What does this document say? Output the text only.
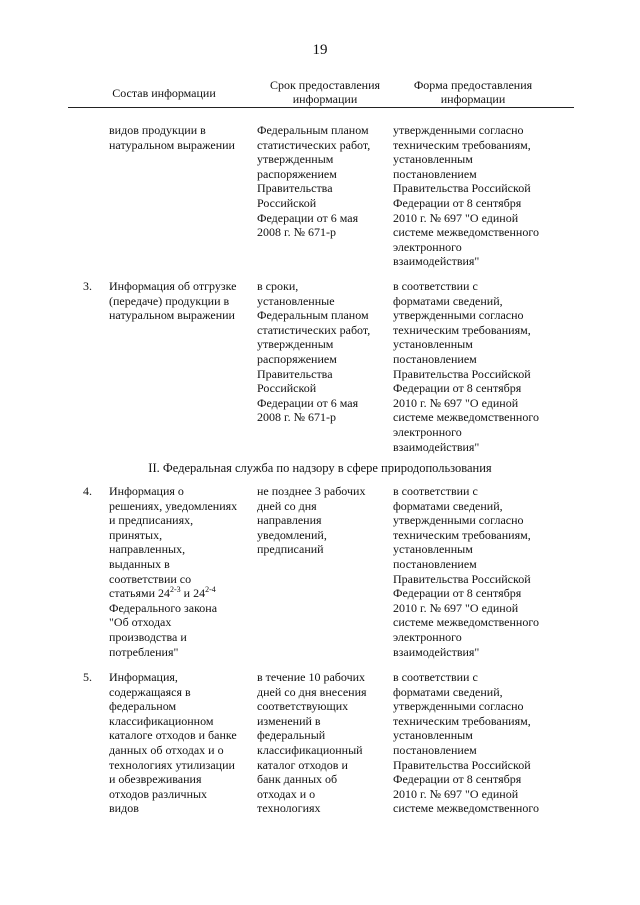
19
Состав информации
Срок предоставления
информации
Форма предоставления
информации
видов продукции в
натуральном выражении
Федеральным планом
статистических работ,
утвержденным
распоряжением
Правительства
Российской
Федерации от 6 мая
2008 г. № 671-р
утвержденными согласно
техническим требованиям,
установленным
постановлением
Правительства Российской
Федерации от 8 сентября
2010 г. № 697 "О единой
системе межведомственного
электронного
взаимодействия"
3. Информация об отгрузке
(передаче) продукции в
натуральном выражении
в сроки,
установленные
Федеральным планом
статистических работ,
утвержденным
распоряжением
Правительства
Российской
Федерации от 6 мая
2008 г. № 671-р
в соответствии с
форматами сведений,
утвержденными согласно
техническим требованиям,
установленным
постановлением
Правительства Российской
Федерации от 8 сентября
2010 г. № 697 "О единой
системе межведомственного
электронного
взаимодействия"
II. Федеральная служба по надзору в сфере природопользования
4. Информация о
решениях, уведомлениях
и предписаниях,
принятых,
направленных,
выданных в
соответствии со
статьями 24$^{2-3}$ и 24$^{2-4}$
Федерального закона
"Об отходах
производства и
потребления"
не позднее 3 рабочих
дней со дня
направления
уведомлений,
предписаний
в соответствии с
форматами сведений,
утвержденными согласно
техническим требованиям,
установленным
постановлением
Правительства Российской
Федерации от 8 сентября
2010 г. № 697 "О единой
системе межведомственного
электронного
взаимодействия"
5. Информация,
содержащаяся в
федеральном
классификационном
каталоге отходов и банке
данных об отходах и о
технологиях утилизации
и обезвреживания
отходов различных
видов
в течение 10 рабочих
дней со дня внесения
соответствующих
изменений в
федеральный
классификационный
каталог отходов и
банк данных об
отходах и о
технологиях
в соответствии с
форматами сведений,
утвержденными согласно
техническим требованиям,
установленным
постановлением
Правительства Российской
Федерации от 8 сентября
2010 г. № 697 "О единой
системе межведомственного
